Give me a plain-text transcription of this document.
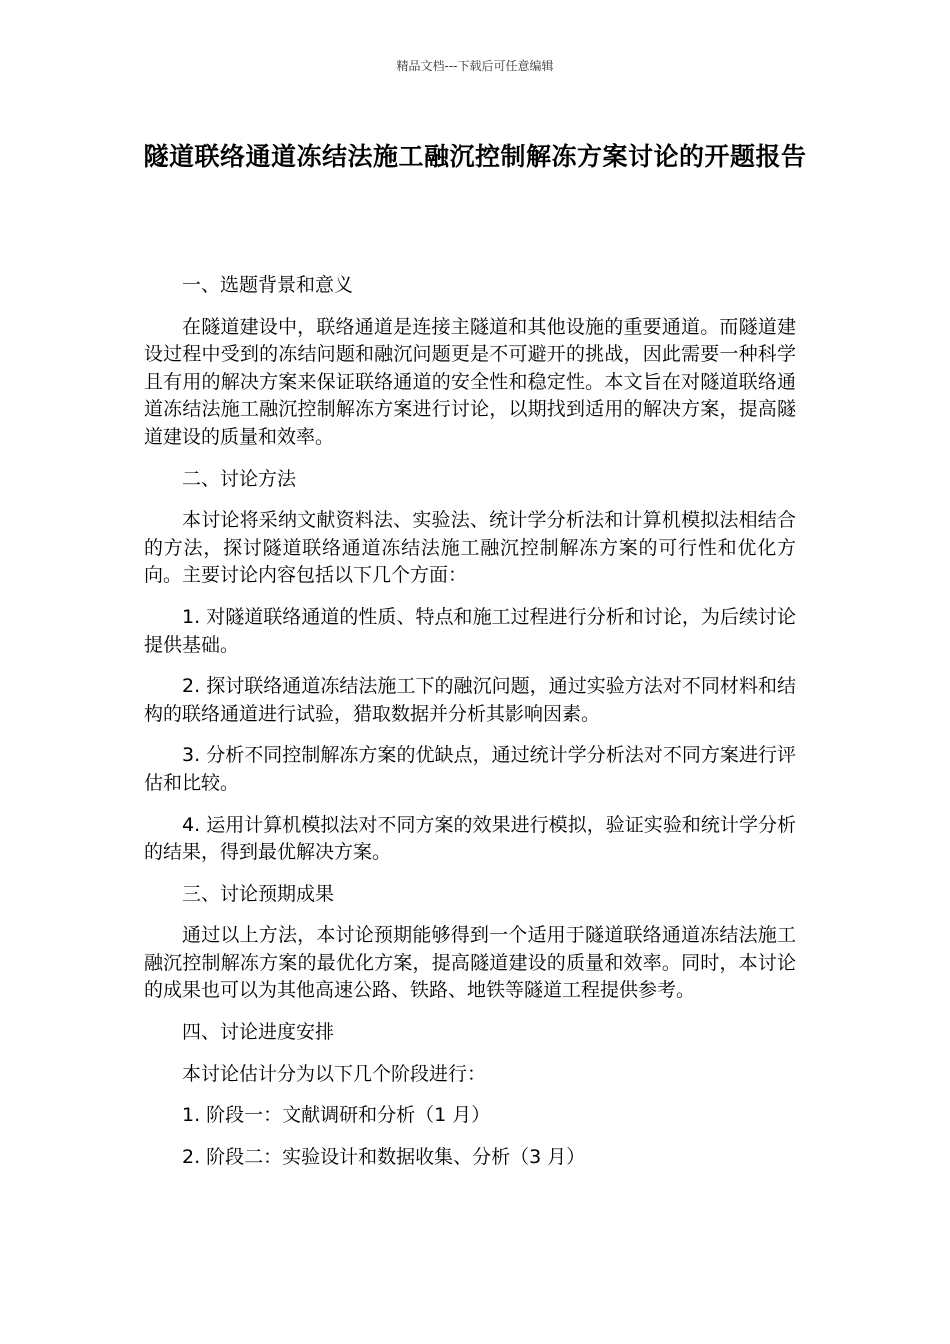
精品文档---下载后可任意编辑
隧道联络通道冻结法施工融沉控制解冻方案讨论的开题报告
一、选题背景和意义
在隧道建设中，联络通道是连接主隧道和其他设施的重要通道。而隧道建设过程中受到的冻结问题和融沉问题更是不可避开的挑战，因此需要一种科学且有用的解决方案来保证联络通道的安全性和稳定性。本文旨在对隧道联络通道冻结法施工融沉控制解冻方案进行讨论，以期找到适用的解决方案，提高隧道建设的质量和效率。
二、讨论方法
本讨论将采纳文献资料法、实验法、统计学分析法和计算机模拟法相结合的方法，探讨隧道联络通道冻结法施工融沉控制解冻方案的可行性和优化方向。主要讨论内容包括以下几个方面：
1. 对隧道联络通道的性质、特点和施工过程进行分析和讨论，为后续讨论提供基础。
2. 探讨联络通道冻结法施工下的融沉问题，通过实验方法对不同材料和结构的联络通道进行试验，猎取数据并分析其影响因素。
3. 分析不同控制解冻方案的优缺点，通过统计学分析法对不同方案进行评估和比较。
4. 运用计算机模拟法对不同方案的效果进行模拟，验证实验和统计学分析的结果，得到最优解决方案。
三、讨论预期成果
通过以上方法，本讨论预期能够得到一个适用于隧道联络通道冻结法施工融沉控制解冻方案的最优化方案，提高隧道建设的质量和效率。同时，本讨论的成果也可以为其他高速公路、铁路、地铁等隧道工程提供参考。
四、讨论进度安排
本讨论估计分为以下几个阶段进行：
1. 阶段一：文献调研和分析（1 月）
2. 阶段二：实验设计和数据收集、分析（3 月）
